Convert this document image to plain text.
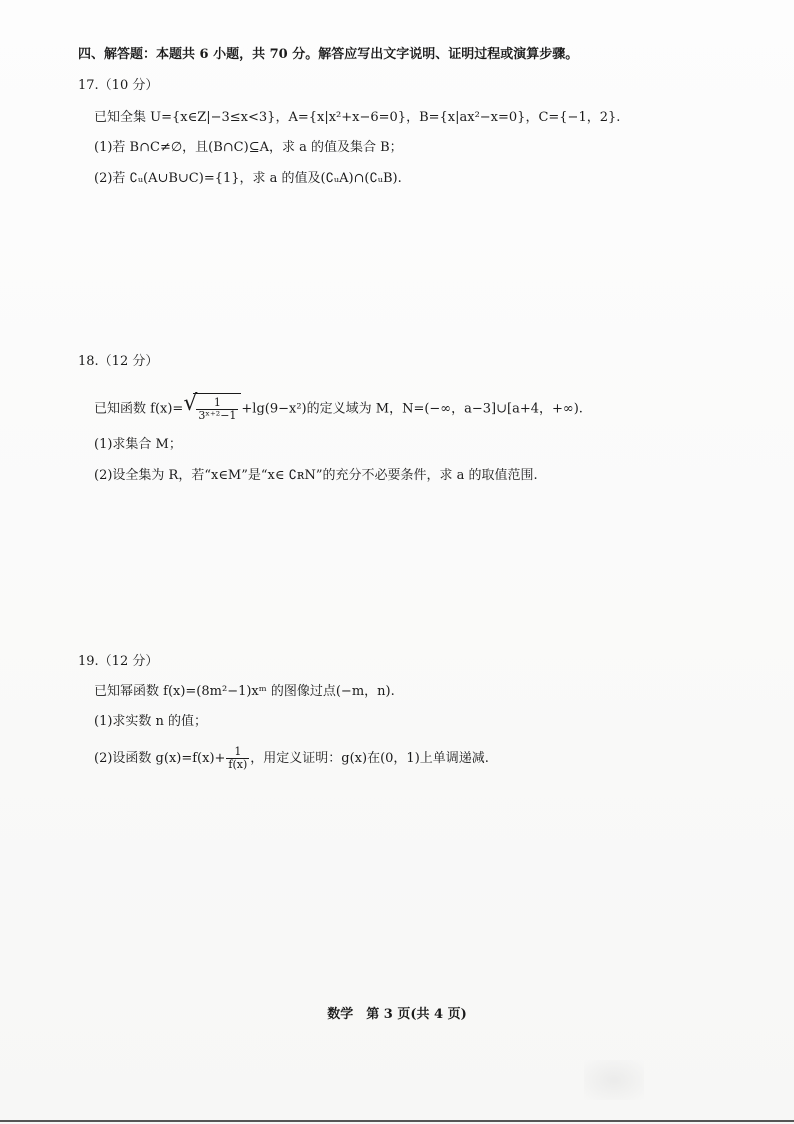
四、解答题：本题共 6 小题，共 70 分。解答应写出文字说明、证明过程或演算步骤。
17.（10 分）
已知全集 U={x∈Z|−3≤x<3}，A={x|x²+x−6=0}，B={x|ax²−x=0}，C={−1，2}.
(1)若 B∩C≠∅，且(B∩C)⊆A，求 a 的值及集合 B；
(2)若 ∁ᵤ(A∪B∪C)={1}，求 a 的值及(∁ᵤA)∩(∁ᵤB).
18.（12 分）
已知函数 f(x)= √
$\frac{1}{\text{3ˣ⁺²−1}} +\lg(9-x^2)$的定义域为 M，N=(−∞，a−3]∪[a+4，+∞).
(1)求集合 M；
(2)设全集为 R，若“x∈M”是“x∈ ∁ʀN”的充分不必要条件，求 a 的取值范围.
19.（12 分）
已知幂函数 f(x)=(8m²−1)xᵐ 的图像过点(−m，n).
(1)求实数 n 的值；
(2)设函数 $g(x)=f(x)+ \frac{1}{f(x)}$ ，用定义证明：g(x)在(0，1)上单调递减.
数学　第 3 页(共 4 页)
